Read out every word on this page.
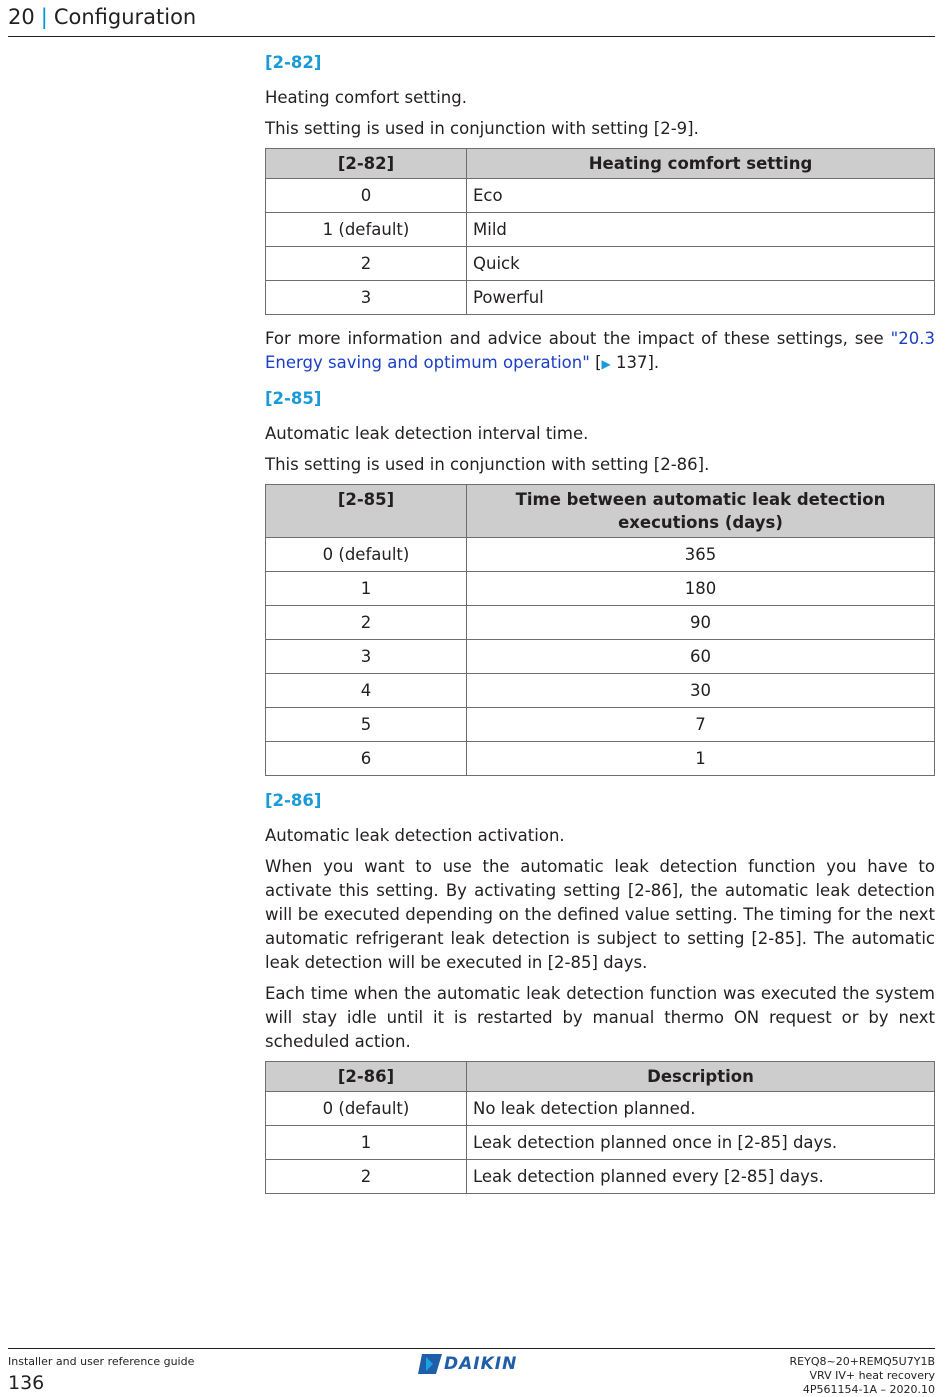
20 | Configuration
[2-82]

Heating comfort setting.

This setting is used in conjunction with setting [2-9].

[2-82]	Heating comfort setting
0	Eco
1 (default)	Mild
2	Quick
3	Powerful

For more information and advice about the impact of these settings, see "20.3 Energy saving and optimum operation" [▶ 137].

[2-85]

Automatic leak detection interval time.

This setting is used in conjunction with setting [2-86].

[2-85]	Time between automatic leak detection executions (days)
0 (default)	365
1	180
2	90
3	60
4	30
5	7
6	1
[2-86]

Automatic leak detection activation.

When you want to use the automatic leak detection function you have to activate this setting. By activating setting [2-86], the automatic leak detection will be executed depending on the defined value setting. The timing for the next automatic refrigerant leak detection is subject to setting [2-85]. The automatic leak detection will be executed in [2-85] days.

Each time when the automatic leak detection function was executed the system will stay idle until it is restarted by manual thermo ON request or by next scheduled action.

[2-86]	Description
0 (default)	No leak detection planned.
1	Leak detection planned once in [2-85] days.
2	Leak detection planned every [2-85] days.
Installer and user reference guide
136
DAIKIN	REYQ8~20+REMQ5U7Y1B
VRV IV+ heat recovery
4P561154-1A – 2020.10
